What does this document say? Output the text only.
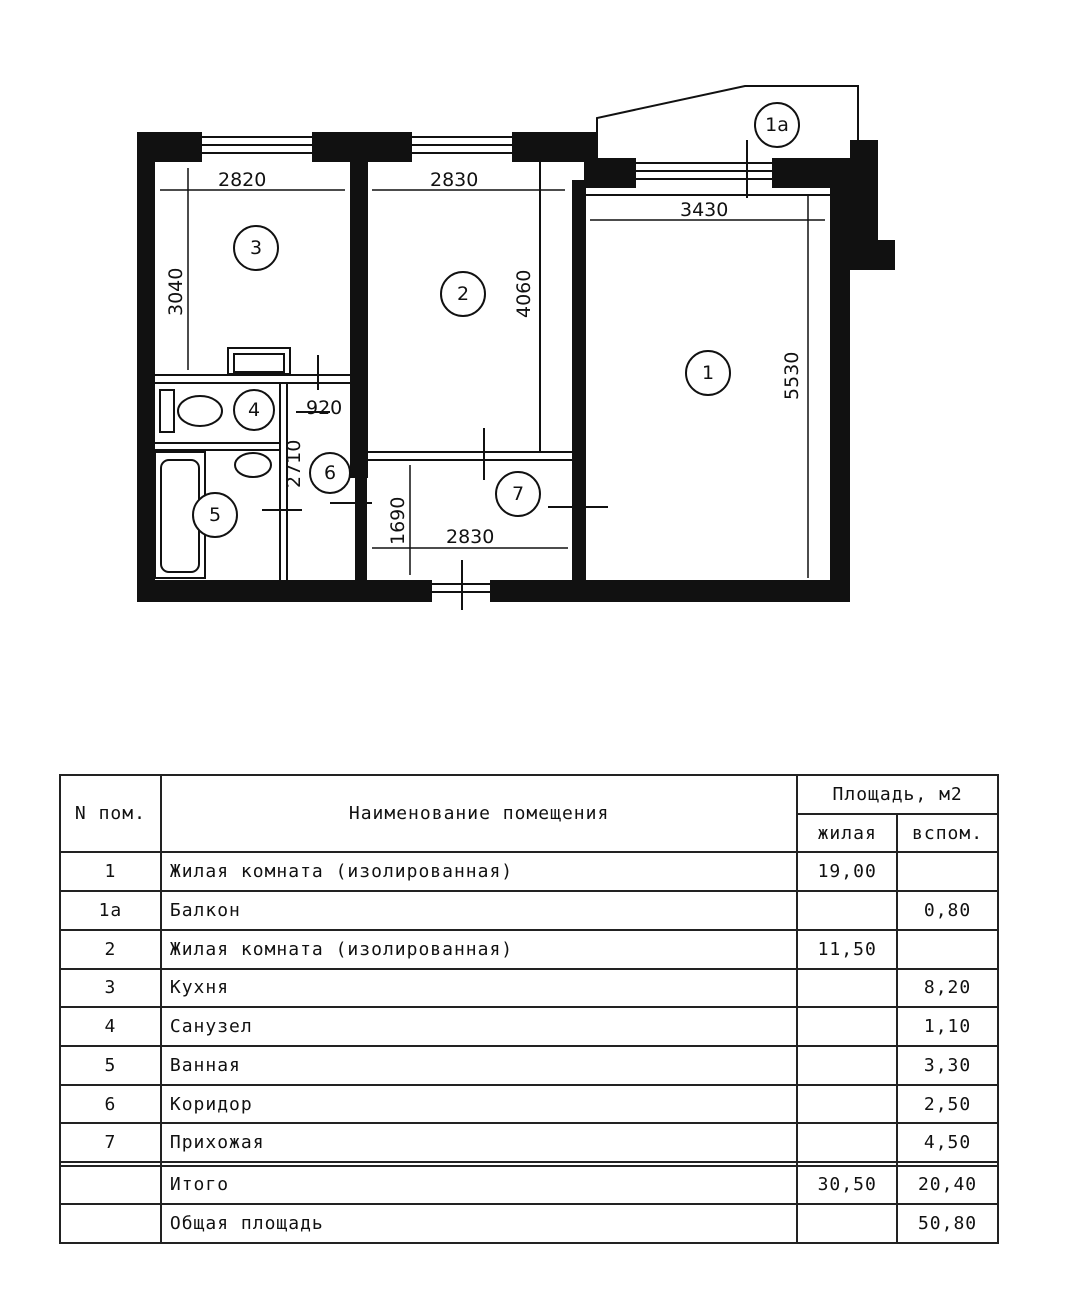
2820	2830
3430
3040	4060
5530
920
2710
1690 2830
1
1a
2
3
4
5
6
7
N пом.	Наименование помещения	Площадь, м2	
		жилая	вспом.
1	Жилая комната (изолированная)	19,00	
1a	Балкон		0,80
2	Жилая комната (изолированная)	11,50	
3	Кухня		8,20
4	Санузел		1,10
5	Ванная		3,30
6	Коридор		2,50
7	Прихожая		4,50

	Итого	30,50	20,40
	Общая площадь		50,80
